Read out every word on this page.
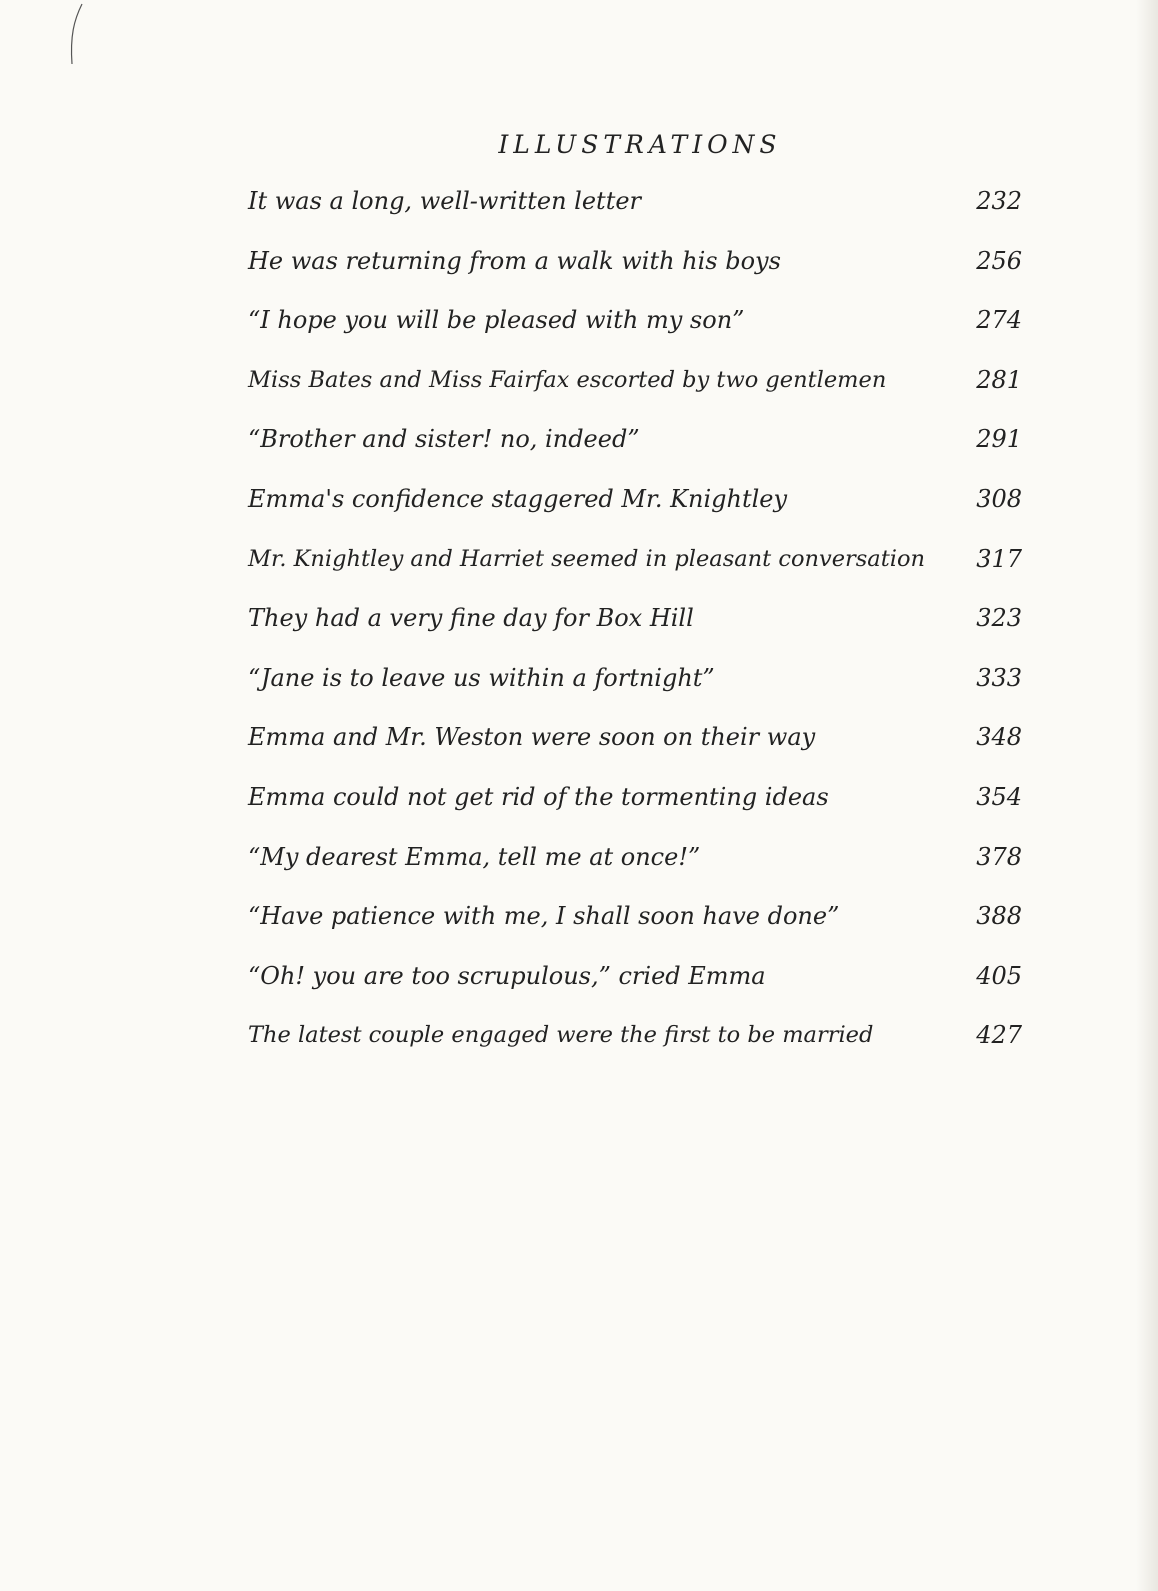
ILLUSTRATIONS
It was a long, well-written letter	232
He was returning from a walk with his boys	256
“I hope you will be pleased with my son”	274
Miss Bates and Miss Fairfax escorted by two gentlemen	281
“Brother and sister! no, indeed”	291
Emma's confidence staggered Mr. Knightley	308
Mr. Knightley and Harriet seemed in pleasant conversation 317
They had a very fine day for Box Hill	323
“Jane is to leave us within a fortnight”	333
Emma and Mr. Weston were soon on their way	348
Emma could not get rid of the tormenting ideas	354
“My dearest Emma, tell me at once!”	378
“Have patience with me, I shall soon have done”	388
“Oh! you are too scrupulous,” cried Emma	405
The latest couple engaged were the first to be married	427
